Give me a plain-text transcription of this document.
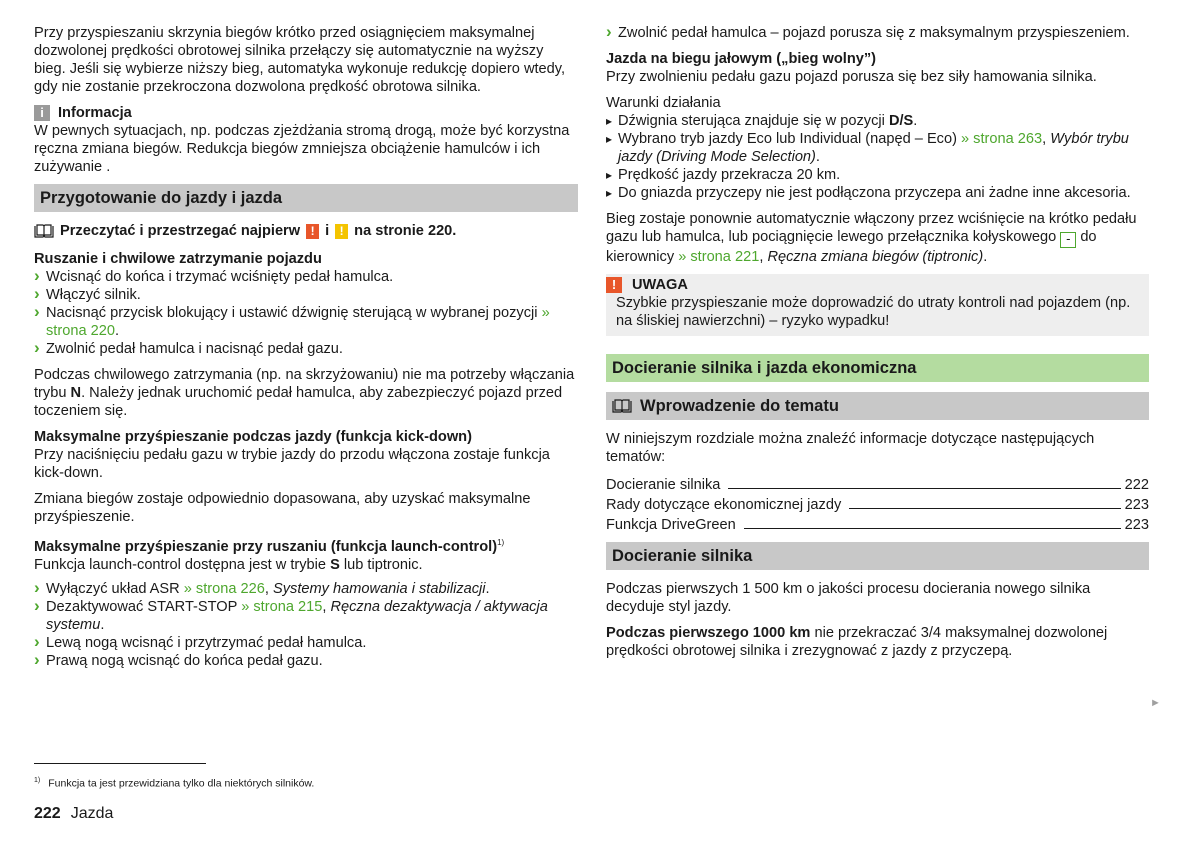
Przy przyspieszaniu skrzynia biegów krótko przed osiągnięciem maksymalnej dozwolonej prędkości obrotowej silnika przełączy się automatycznie na wyższy bieg. Jeśli się wybierze niższy bieg, automatyka wykonuje redukcję dopiero wtedy, gdy nie zostanie przekroczona dozwolona prędkość obrotowa silnika.

i Informacja

W pewnych sytuacjach, np. podczas zjeżdżania stromą drogą, może być korzystna ręczna zmiana biegów. Redukcja biegów zmniejsza obciążenie hamulców i ich zużywanie .

Przygotowanie do jazdy i jazda
Przeczytać i przestrzegać najpierw ! i ! na stronie 220.
Ruszanie i chwilowe zatrzymanie pojazdu

› Wcisnąć do końca i trzymać wciśnięty pedał hamulca.

› Włączyć silnik.

› Nacisnąć przycisk blokujący i ustawić dźwignię sterującą w wybranej pozycji » strona 220.

› Zwolnić pedał hamulca i nacisnąć pedał gazu.

Podczas chwilowego zatrzymania (np. na skrzyżowaniu) nie ma potrzeby włączania trybu N. Należy jednak uruchomić pedał hamulca, aby zabezpieczyć pojazd przed toczeniem się.

Maksymalne przyśpieszanie podczas jazdy (funkcja kick-down)

Przy naciśnięciu pedału gazu w trybie jazdy do przodu włączona zostaje funkcja kick-down.

Zmiana biegów zostaje odpowiednio dopasowana, aby uzyskać maksymalne przyśpieszenie.

Maksymalne przyśpieszanie przy ruszaniu (funkcja launch-control)$^{1)}$

Funkcja launch-control dostępna jest w trybie S lub tiptronic.

› Wyłączyć układ ASR » strona 226, Systemy hamowania i stabilizacji.

› Dezaktywować START-STOP » strona 215, Ręczna dezaktywacja / aktywacja systemu.

› Lewą nogą wcisnąć i przytrzymać pedał hamulca.

› Prawą nogą wcisnąć do końca pedał gazu.

› Zwolnić pedał hamulca – pojazd porusza się z maksymalnym przyspieszeniem.

Jazda na biegu jałowym („bieg wolny”)

Przy zwolnieniu pedału gazu pojazd porusza się bez siły hamowania silnika.

Warunki działania

▸ Dźwignia sterująca znajduje się w pozycji D/S.

▸ Wybrano tryb jazdy Eco lub Individual (napęd – Eco) » strona 263, Wybór trybu jazdy (Driving Mode Selection).

▸ Prędkość jazdy przekracza 20 km.

▸ Do gniazda przyczepy nie jest podłączona przyczepa ani żadne inne akcesoria.

Bieg zostaje ponownie automatycznie włączony przez wciśnięcie na krótko pedału gazu lub hamulca, lub pociągnięcie lewego przełącznika kołyskowego - do kierownicy » strona 221, Ręczna zmiana biegów (tiptronic).

!	UWAGA
Szybkie przyspieszanie może doprowadzić do utraty kontroli nad pojazdem (np. na śliskiej nawierzchni) – ryzyko wypadku!
Docieranie silnika i jazda ekonomiczna
Wprowadzenie do tematu

W niniejszym rozdziale można znaleźć informacje dotyczące następujących tematów:

Docieranie silnika	222
Rady dotyczące ekonomicznej jazdy	223
Funkcja DriveGreen	223
Docieranie silnika

Podczas pierwszych 1 500 km o jakości procesu docierania nowego silnika decyduje styl jazdy.

Podczas pierwszego 1000 km nie przekraczać 3/4 maksymalnej dozwolonej prędkości obrotowej silnika i zrezygnować z jazdy z przyczepą.

►
$^{1)}$ Funkcja ta jest przewidziana tylko dla niektórych silników.
222 Jazda
